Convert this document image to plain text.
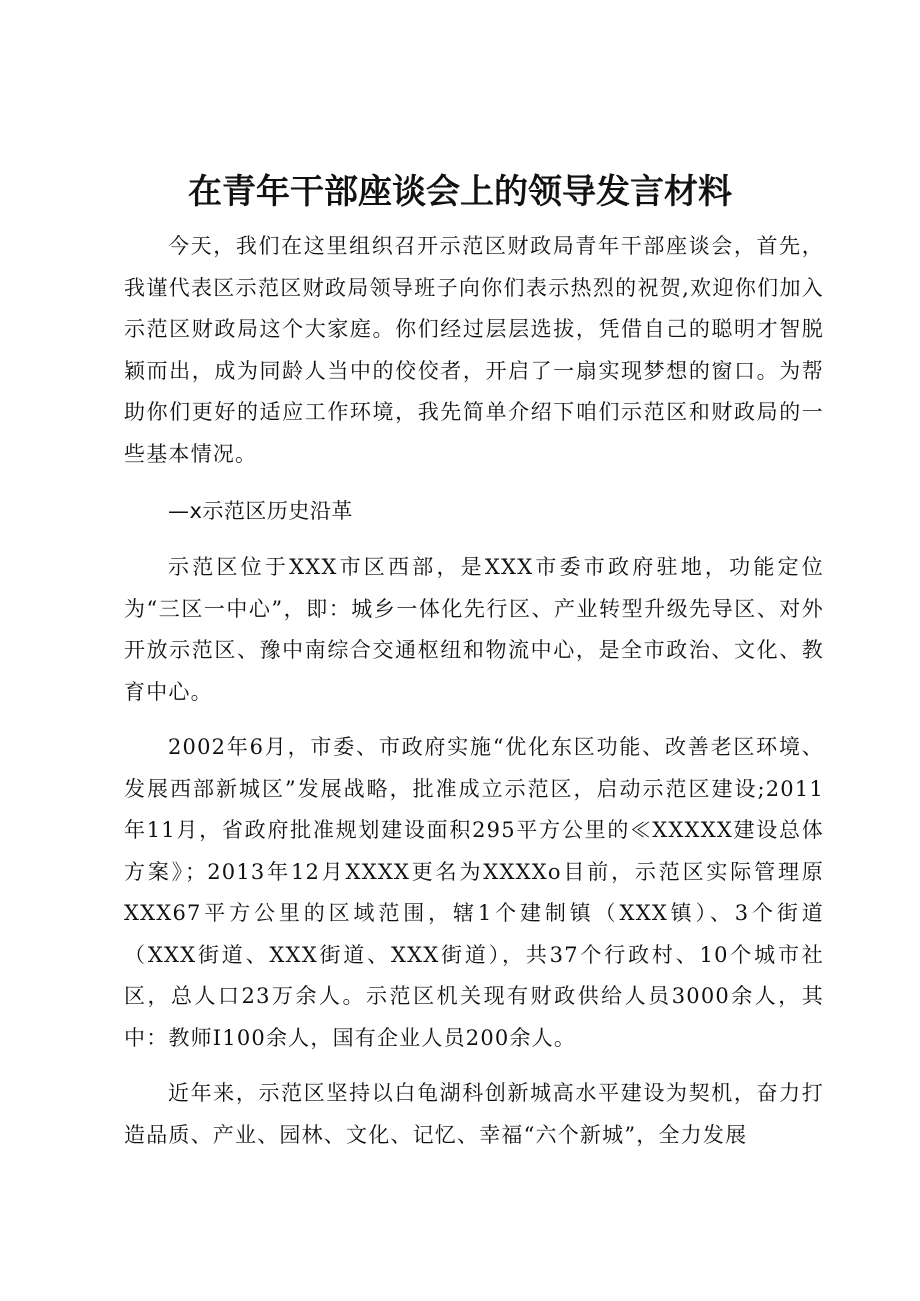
在青年干部座谈会上的领导发言材料

今天，我们在这里组织召开示范区财政局青年干部座谈会，首先，我谨代表区示范区财政局领导班子向你们表示热烈的祝贺,欢迎你们加入示范区财政局这个大家庭。你们经过层层选拔，凭借自己的聪明才智脱颖而出，成为同龄人当中的佼佼者，开启了一扇实现梦想的窗口。为帮助你们更好的适应工作环境，我先简单介绍下咱们示范区和财政局的一些基本情况。

—x示范区历史沿革

示范区位于XXX市区西部，是XXX市委市政府驻地，功能定位为“三区一中心”，即：城乡一体化先行区、产业转型升级先导区、对外开放示范区、豫中南综合交通枢纽和物流中心，是全市政治、文化、教育中心。

2002年6月，市委、市政府实施“优化东区功能、改善老区环境、发展西部新城区”发展战略，批准成立示范区，启动示范区建设;2011年11月，省政府批准规划建设面积295平方公里的≪XXXXX建设总体方案》；2013年12月XXXX更名为XXXXo目前，示范区实际管理原XXX67平方公里的区域范围，辖1个建制镇（XXX镇）、3个街道（XXX街道、XXX街道、XXX街道），共37个行政村、10个城市社区，总人口23万余人。示范区机关现有财政供给人员3000余人，其中：教师I100余人，国有企业人员200余人。

近年来，示范区坚持以白龟湖科创新城高水平建设为契机，奋力打造品质、产业、园林、文化、记忆、幸福“六个新城”，全力发展
